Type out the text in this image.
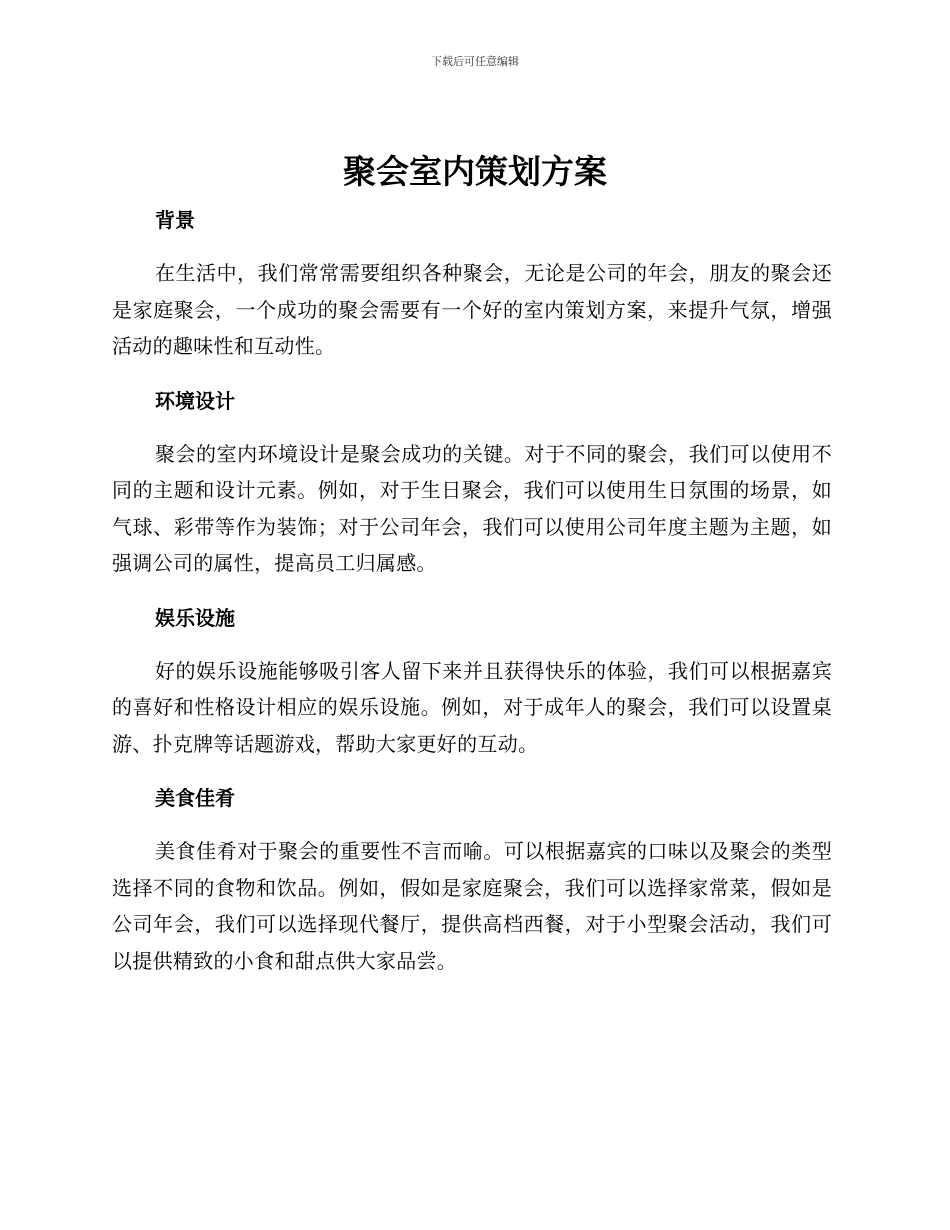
下载后可任意编辑
聚会室内策划方案
背景

在生活中，我们常常需要组织各种聚会，无论是公司的年会，朋友的聚会还是家庭聚会，一个成功的聚会需要有一个好的室内策划方案，来提升气氛，增强活动的趣味性和互动性。

环境设计

聚会的室内环境设计是聚会成功的关键。对于不同的聚会，我们可以使用不同的主题和设计元素。例如，对于生日聚会，我们可以使用生日氛围的场景，如气球、彩带等作为装饰；对于公司年会，我们可以使用公司年度主题为主题，如强调公司的属性，提高员工归属感。

娱乐设施

好的娱乐设施能够吸引客人留下来并且获得快乐的体验，我们可以根据嘉宾的喜好和性格设计相应的娱乐设施。例如，对于成年人的聚会，我们可以设置桌游、扑克牌等话题游戏，帮助大家更好的互动。

美食佳肴

美食佳肴对于聚会的重要性不言而喻。可以根据嘉宾的口味以及聚会的类型选择不同的食物和饮品。例如，假如是家庭聚会，我们可以选择家常菜，假如是公司年会，我们可以选择现代餐厅，提供高档西餐，对于小型聚会活动，我们可以提供精致的小食和甜点供大家品尝。
